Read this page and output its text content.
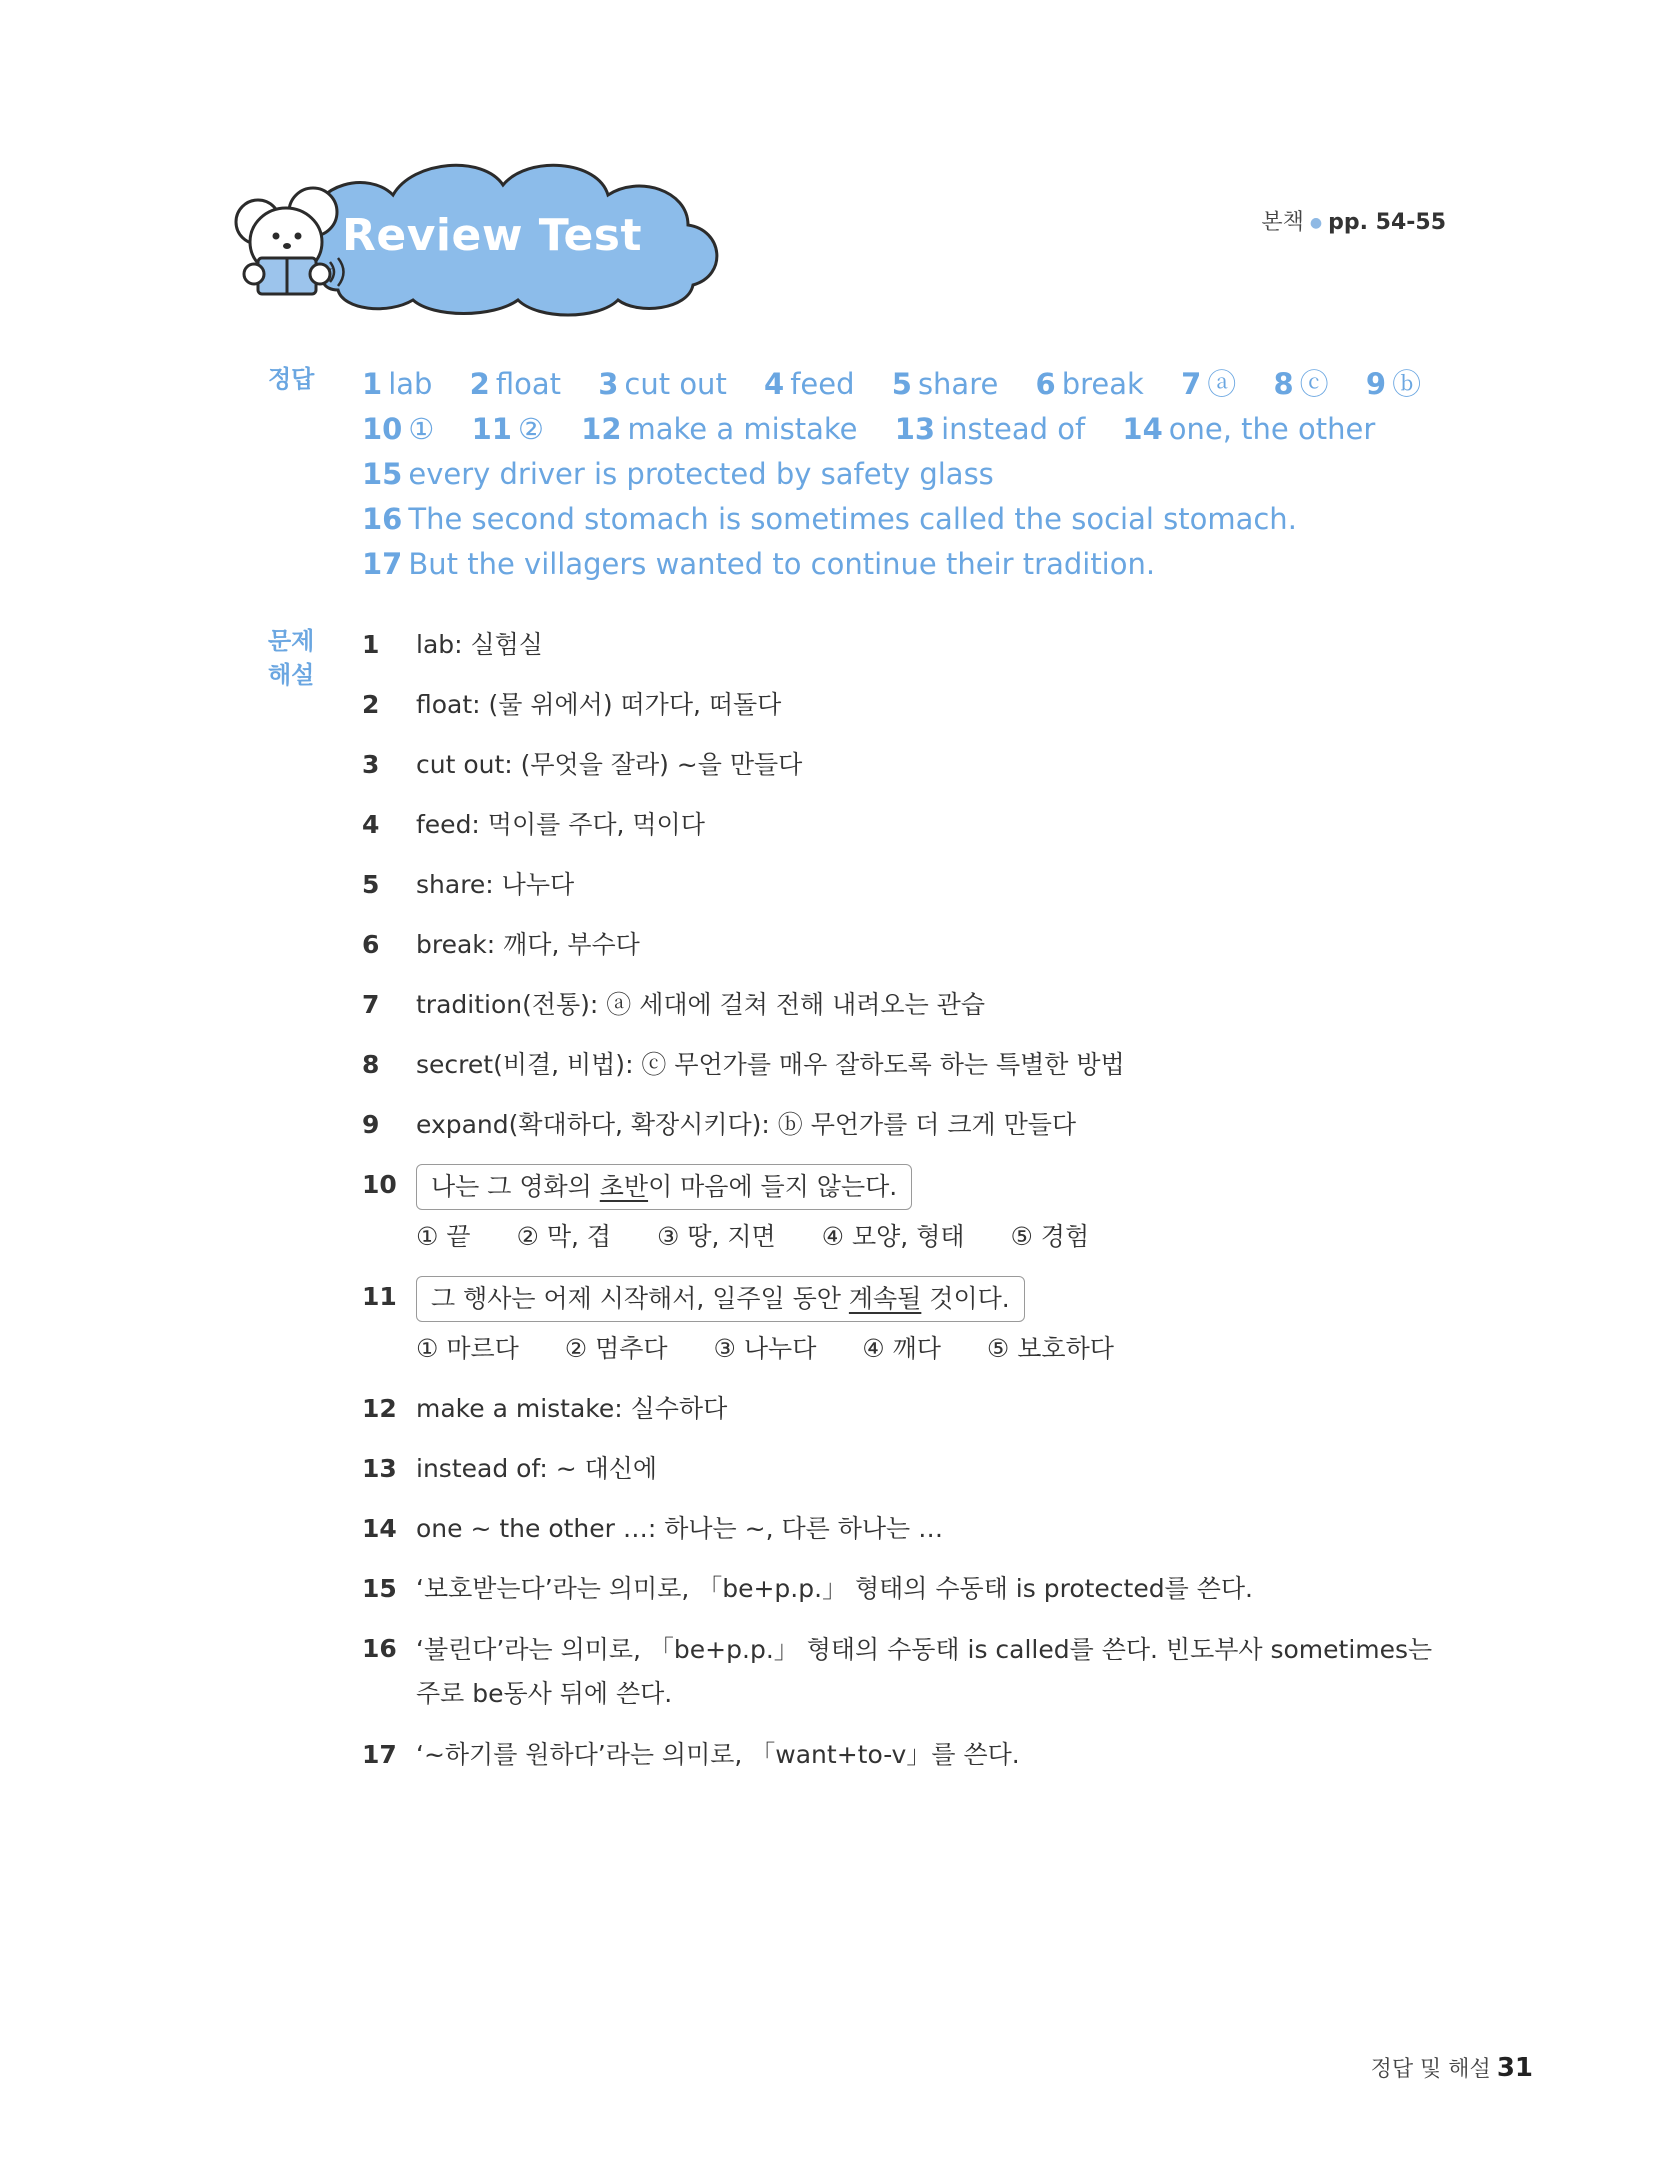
Review Test	본책 ● pp. 54-55
정답	1 lab 2 float 3 cut out 4 feed 5 share 6 break 7 ⓐ 8 ⓒ 9 ⓑ
10 ① 11 ② 12 make a mistake 13 instead of 14 one, the other
15 every driver is protected by safety glass
16 The second stomach is sometimes called the social stomach.
17 But the villagers wanted to continue their tradition.
문제
해설
1	lab: 실험실
2	float: (물 위에서) 떠가다, 떠돌다
3	cut out: (무엇을 잘라) ~을 만들다
4	feed: 먹이를 주다, 먹이다
5	share: 나누다
6	break: 깨다, 부수다
7	tradition(전통): ⓐ 세대에 걸쳐 전해 내려오는 관습
8	secret(비결, 비법): ⓒ 무언가를 매우 잘하도록 하는 특별한 방법
9	expand(확대하다, 확장시키다): ⓑ 무언가를 더 크게 만들다
10	나는 그 영화의 초반이 마음에 들지 않는다.
① 끝 ② 막, 겹 ③ 땅, 지면 ④ 모양, 형태 ⑤ 경험
11	그 행사는 어제 시작해서, 일주일 동안 계속될 것이다.
① 마르다 ② 멈추다 ③ 나누다 ④ 깨다 ⑤ 보호하다
12 make a mistake: 실수하다
13 instead of: ~ 대신에
14 one ~ the other …: 하나는 ~, 다른 하나는 …
15 ‘보호받는다’라는 의미로, 「be+p.p.」 형태의 수동태 is protected를 쓴다.
16 ‘불린다’라는 의미로, 「be+p.p.」 형태의 수동태 is called를 쓴다. 빈도부사 sometimes는 주로 be동사 뒤에 쓴다.
17 ‘~하기를 원하다’라는 의미로, 「want+to-v」를 쓴다.
정답 및 해설 31
